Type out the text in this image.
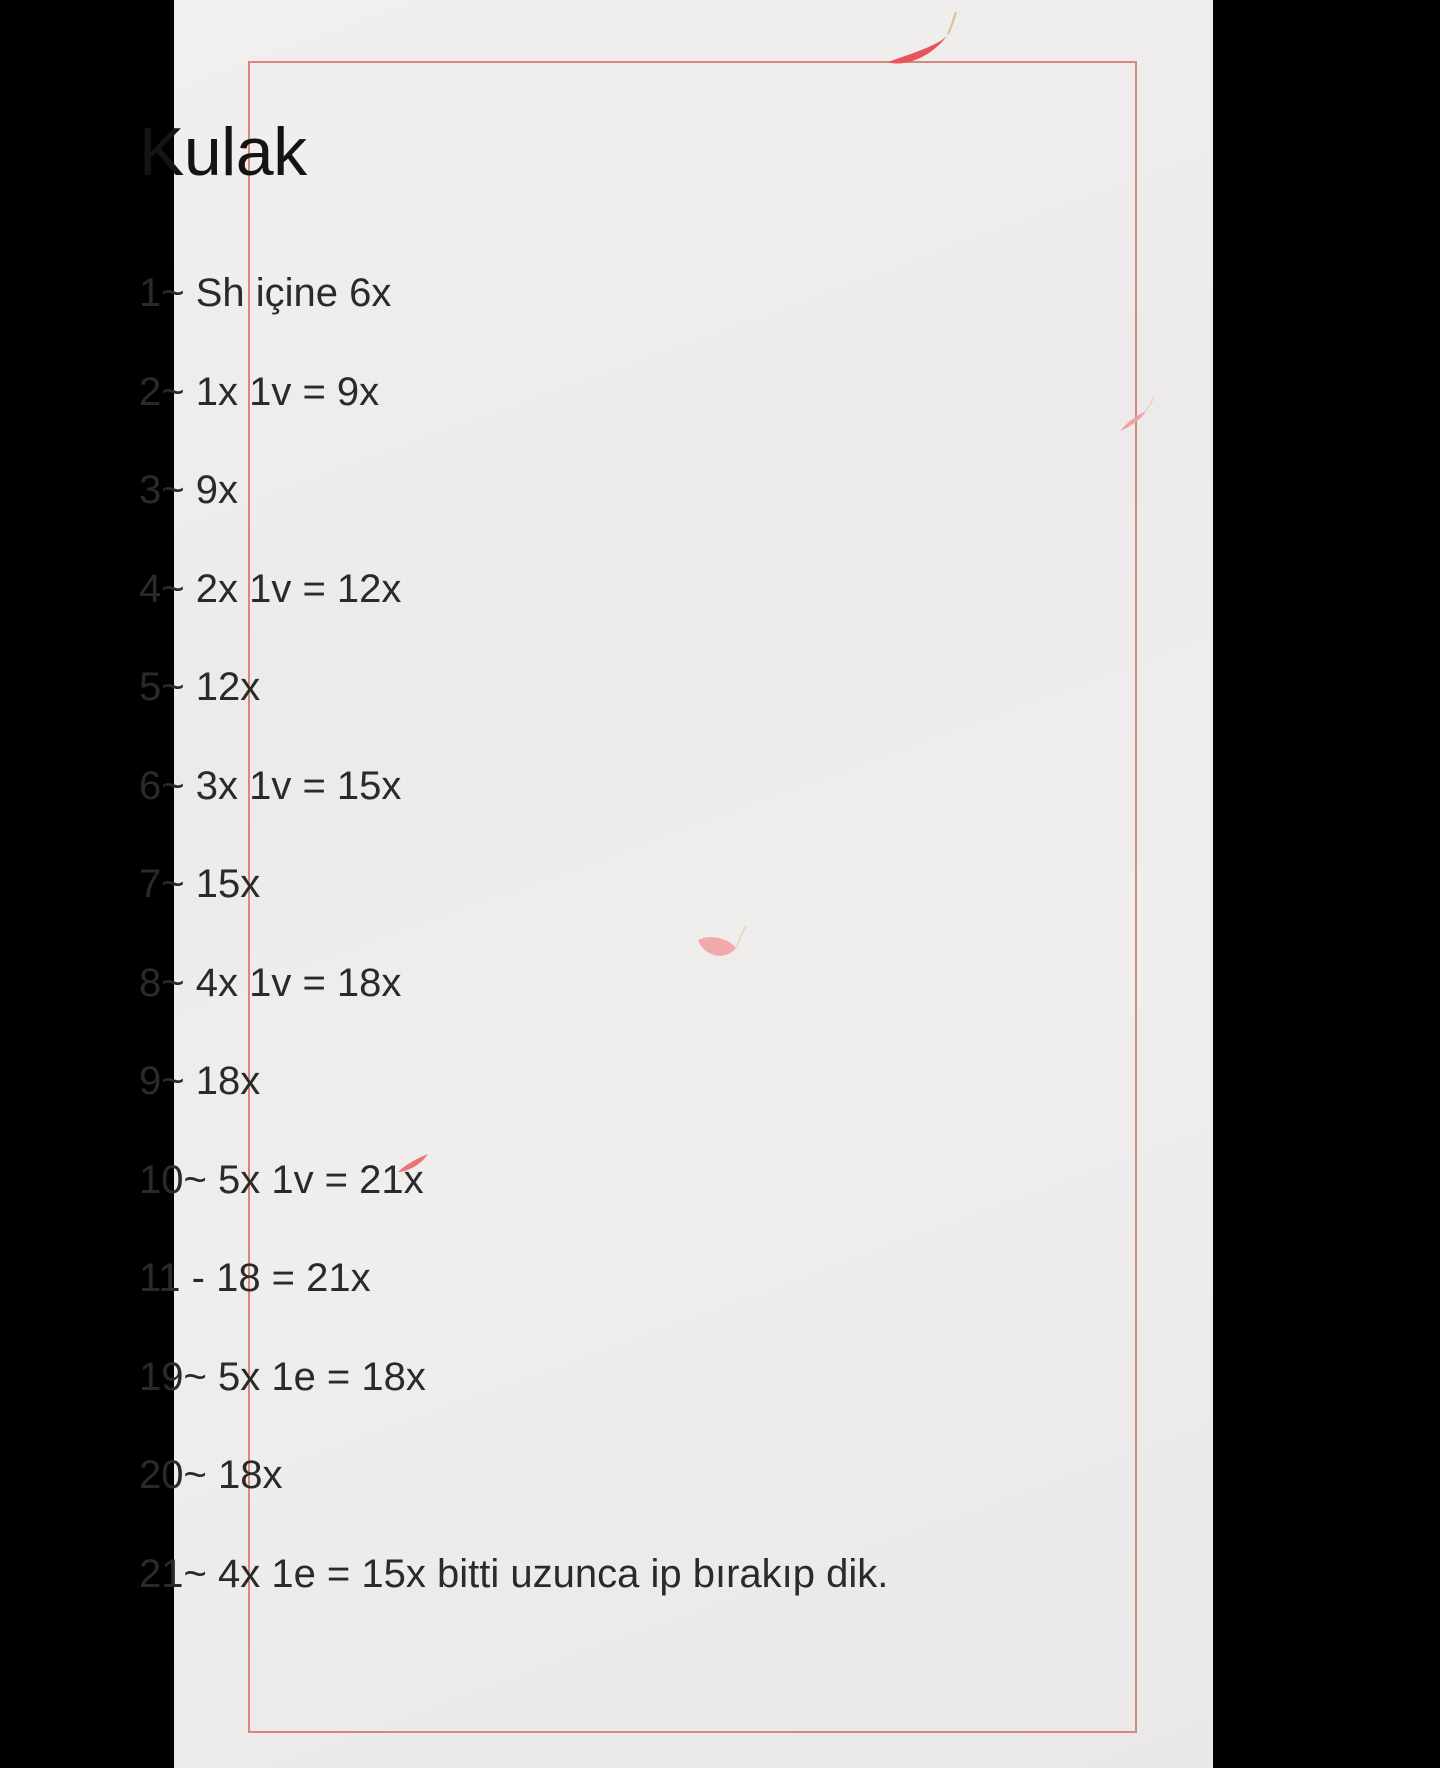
Kulak
1~ Sh içine 6x
2~ 1x 1v = 9x
3~ 9x
4~ 2x 1v = 12x
5~ 12x
6~ 3x 1v = 15x
7~ 15x
8~ 4x 1v = 18x
9~ 18x
10~ 5x 1v = 21x
11 - 18 = 21x
19~ 5x 1e = 18x
20~ 18x
21~ 4x 1e = 15x bitti uzunca ip bırakıp dik.
